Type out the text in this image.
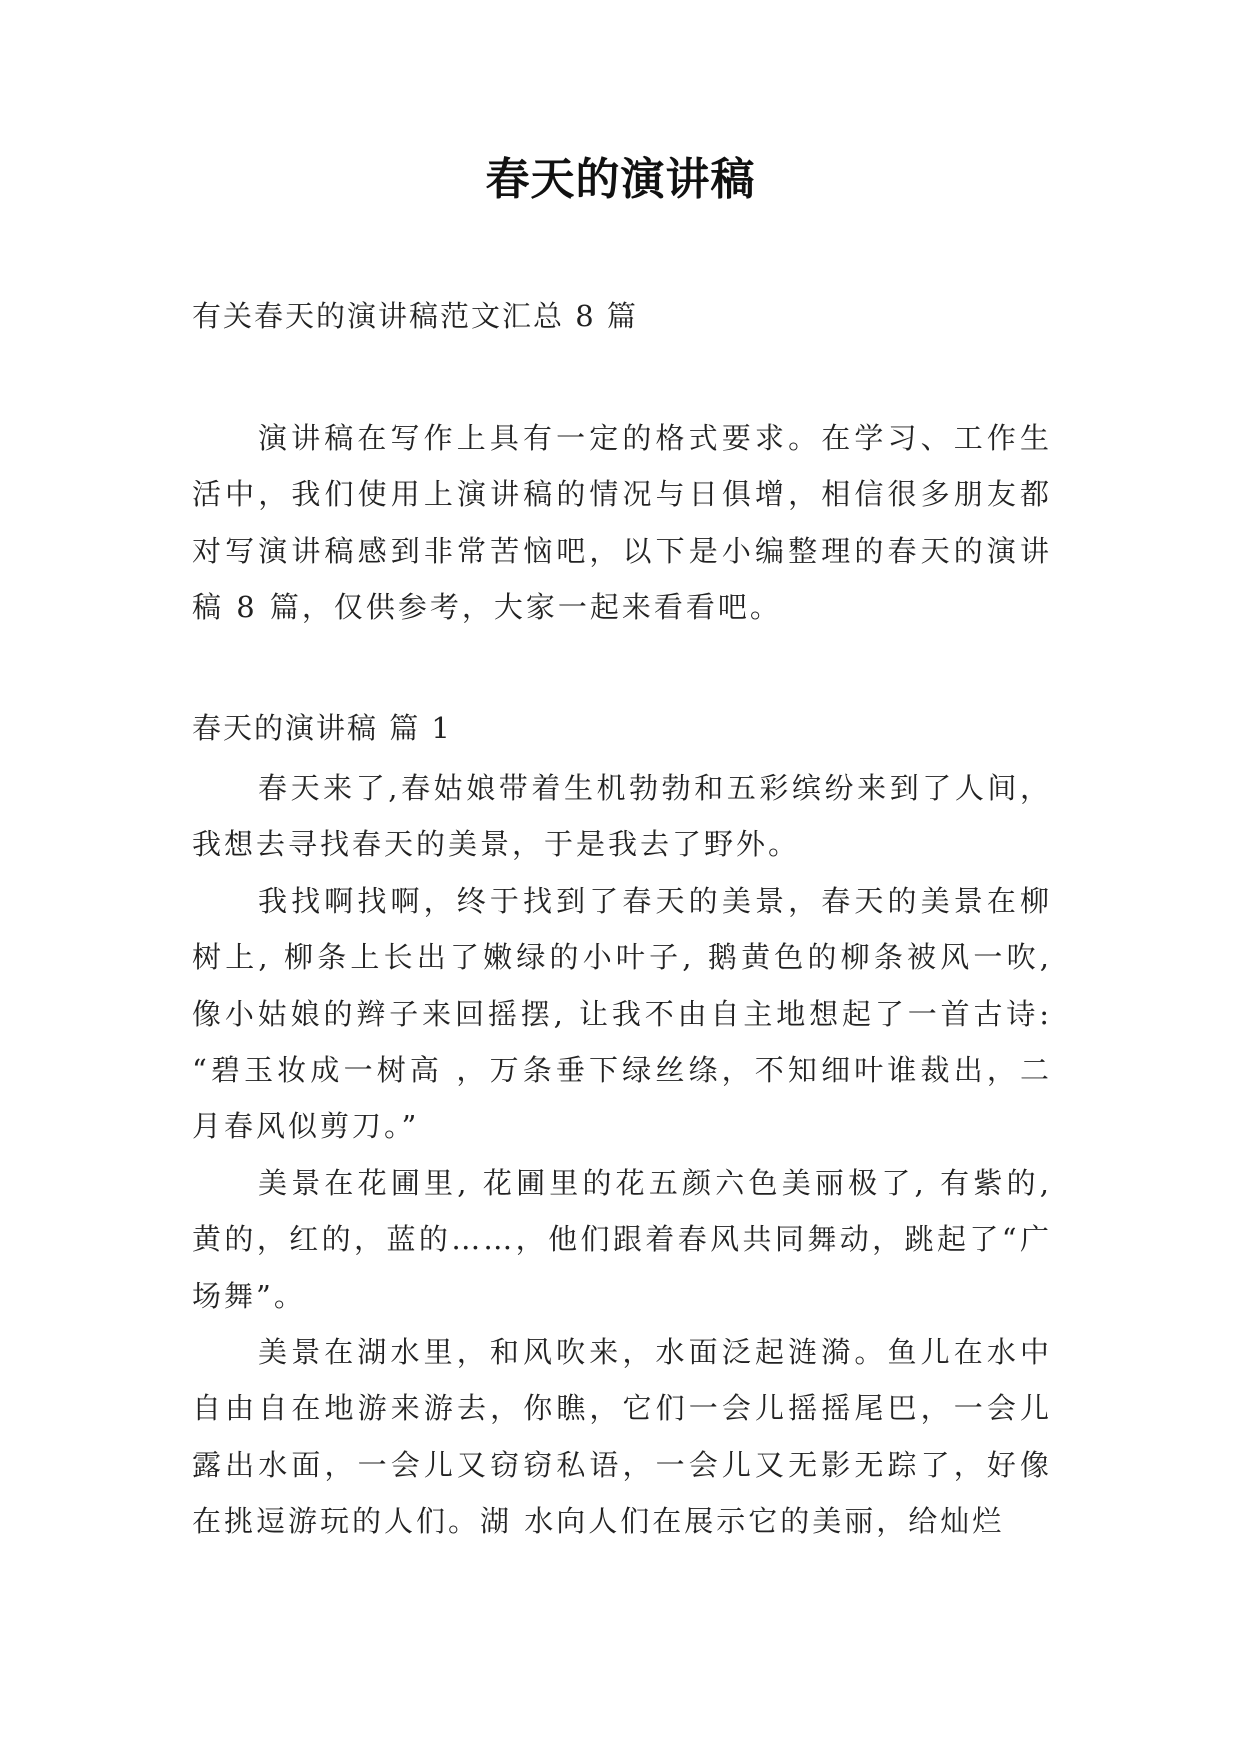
春天的演讲稿
有关春天的演讲稿范文汇总 8 篇

演讲稿在写作上具有一定的格式要求。在学习、工作生活中，我们使用上演讲稿的情况与日俱增，相信很多朋友都对写演讲稿感到非常苦恼吧，以下是小编整理的春天的演讲稿 8 篇，仅供参考，大家一起来看看吧。

春天的演讲稿 篇 1

春天来了,春姑娘带着生机勃勃和五彩缤纷来到了人间，我想去寻找春天的美景，于是我去了野外。

我找啊找啊，终于找到了春天的美景，春天的美景在柳树上, 柳条上长出了嫩绿的小叶子, 鹅黄色的柳条被风一吹, 像小姑娘的辫子来回摇摆, 让我不由自主地想起了一首古诗: “碧玉妆成一树高 ，万条垂下绿丝绦，不知细叶谁裁出，二月春风似剪刀。”

美景在花圃里, 花圃里的花五颜六色美丽极了, 有紫的, 黄的，红的，蓝的……，他们跟着春风共同舞动，跳起了“广场舞”。

美景在湖水里，和风吹来，水面泛起涟漪。鱼儿在水中自由自在地游来游去，你瞧，它们一会儿摇摇尾巴，一会儿露出水面，一会儿又窃窃私语，一会儿又无影无踪了，好像在挑逗游玩的人们。湖 水向人们在展示它的美丽，给灿烂
